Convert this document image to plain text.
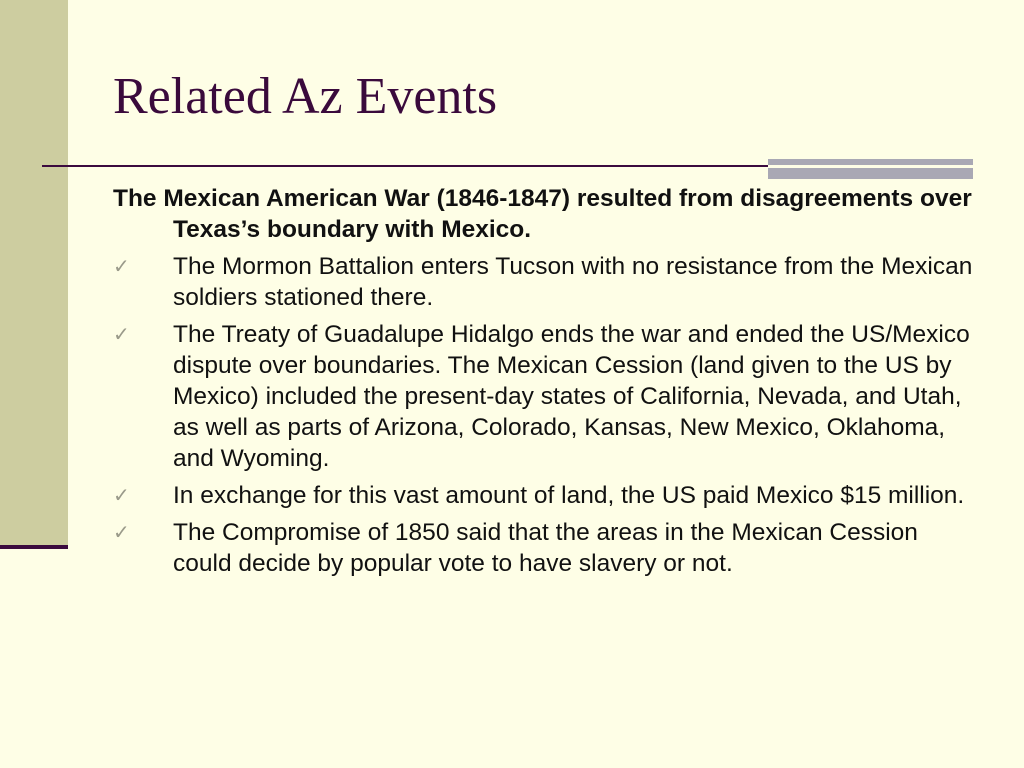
Related Az Events

The Mexican American War (1846-1847) resulted from disagreements over Texas’s boundary with Mexico.

✓ The Mormon Battalion enters Tucson with no resistance from the Mexican soldiers stationed there.
✓ The Treaty of Guadalupe Hidalgo ends the war and ended the US/Mexico dispute over boundaries. The Mexican Cession (land given to the US by Mexico) included the present-day states of California, Nevada, and Utah, as well as parts of Arizona, Colorado, Kansas, New Mexico, Oklahoma, and Wyoming.
✓ In exchange for this vast amount of land, the US paid Mexico $15 million.
✓ The Compromise of 1850 said that the areas in the Mexican Cession could decide by popular vote to have slavery or not.
